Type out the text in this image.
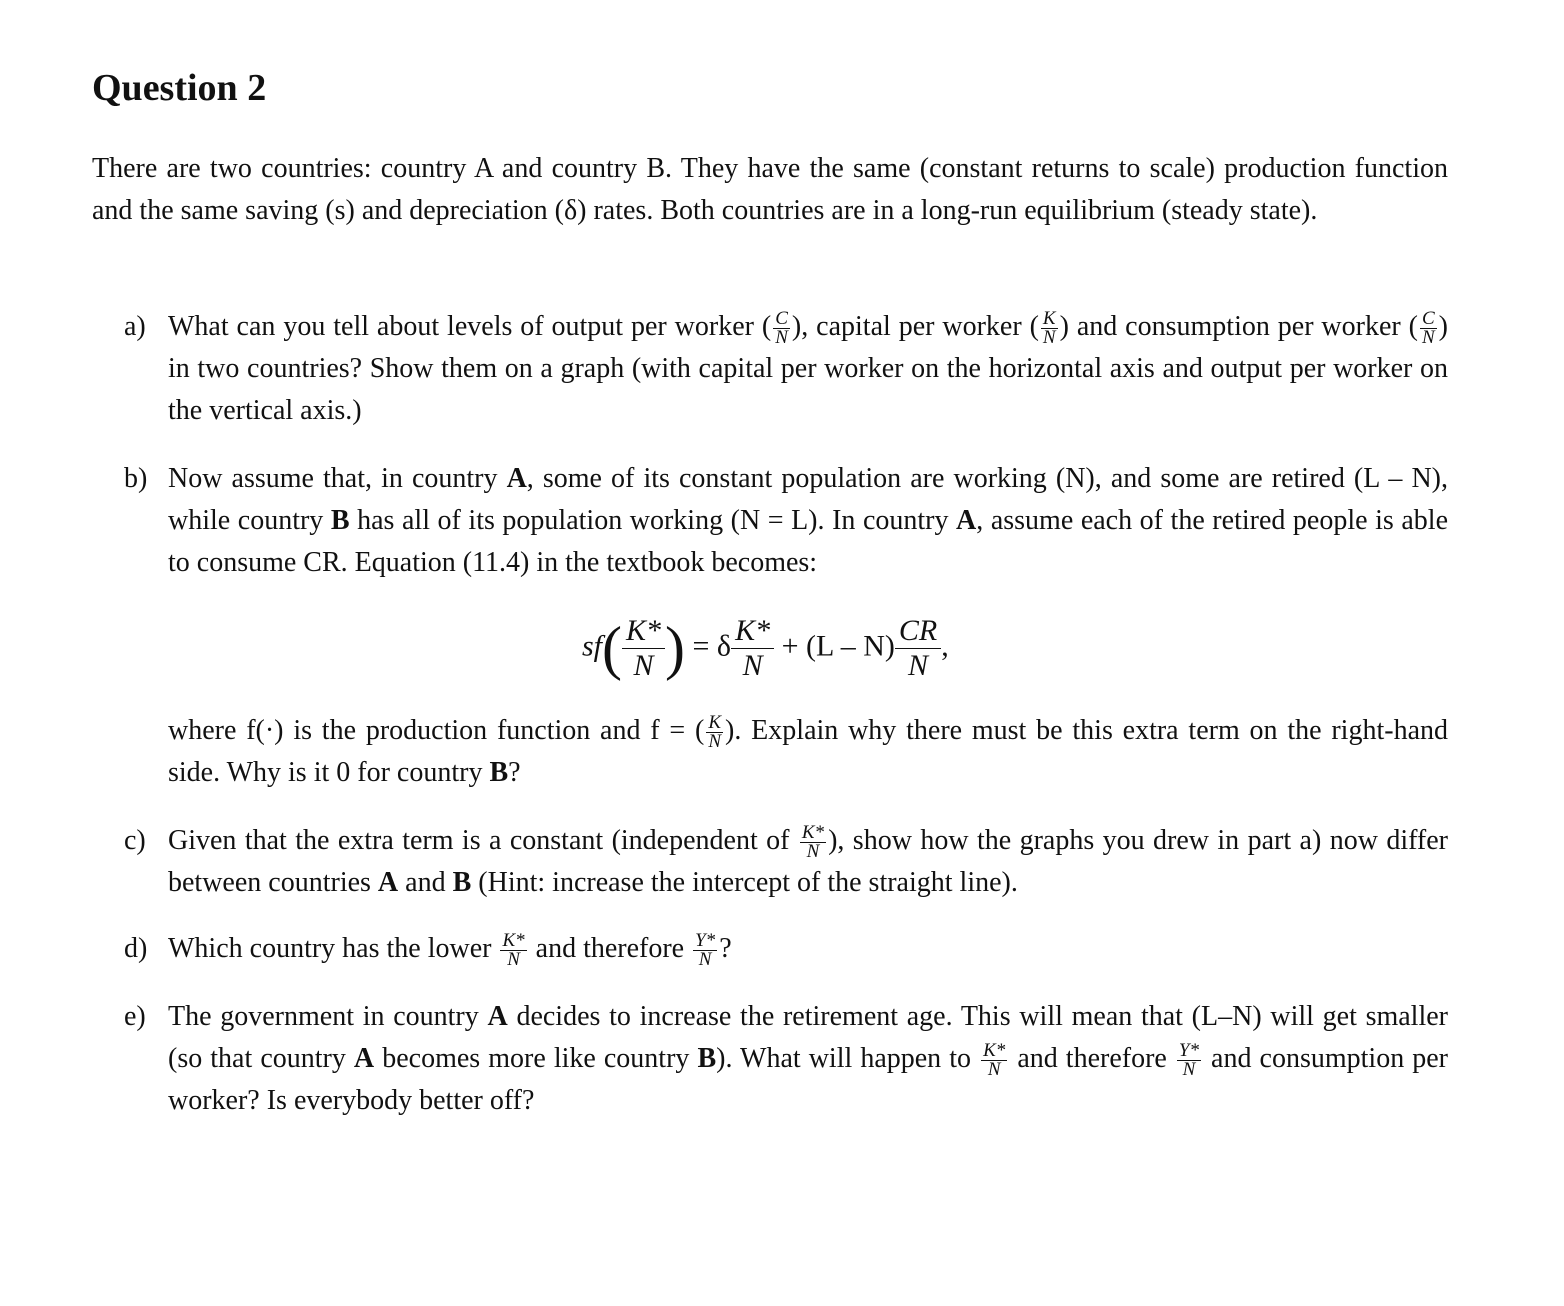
Question 2
There are two countries: country A and country B. They have the same (constant returns to scale) production function and the same saving (s) and depreciation (δ) rates. Both countries are in a long-run equilibrium (steady state).
a) What can you tell about levels of output per worker ( $\frac{C}{N}$ ), capital per worker ( $\frac{K}{N}$ ) and consumption per worker ( $\frac{C}{N}$ ) in two countries? Show them on a graph (with capital per worker on the horizontal axis and output per worker on the vertical axis.)
b) Now assume that, in country A, some of its constant population are working (N), and some are retired (L – N), while country B has all of its population working (N = L). In country A, assume each of the retired people is able to consume CR. Equation (11.4) in the textbook becomes:
$sf( \frac{K*}{N}$ ) = δ $\frac{K*}{N} + (L - N) \frac{CR}{N}$ ,
where f(·) is the production function and f = ( $\frac{K}{N}$ ). Explain why there must be this extra term on the right-hand side. Why is it 0 for country B?
c) Given that the extra term is a constant (independent of $\frac{K*}{N}$ ), show how the graphs you drew in part a) now differ between countries A and B (Hint: increase the intercept of the straight line).
d) Which country has the lower $\frac{K*}{N}$ and therefore $\frac{Y*}{N}$ ?
e) The government in country A decides to increase the retirement age. This will mean that (L–N) will get smaller (so that country A becomes more like country B). What will happen to $\frac{K*}{N}$ and therefore $\frac{Y*}{N}$ and consumption per worker? Is everybody better off?
